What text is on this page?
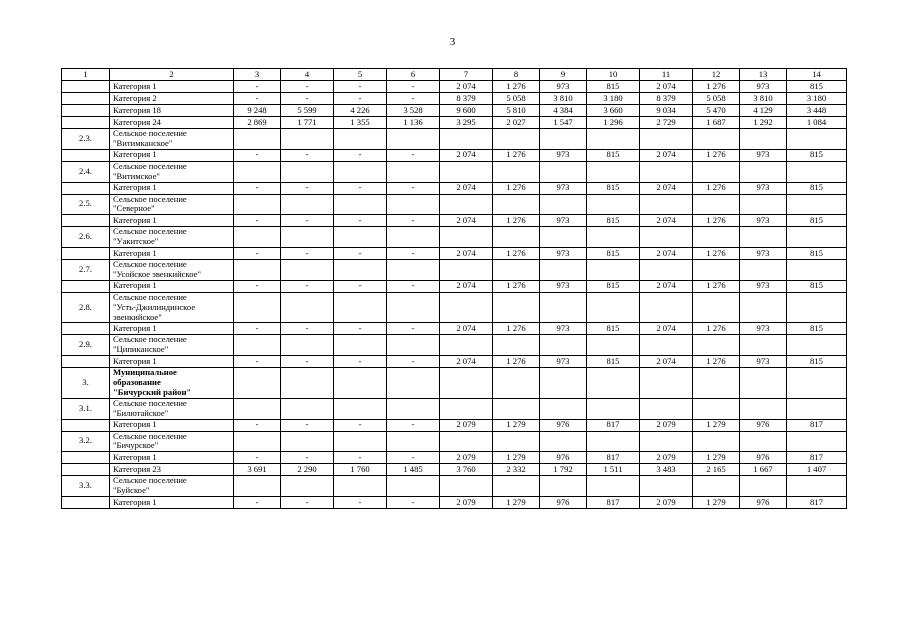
3
1	2	3	4	5	6	7	8	9	10	11	12	13	14
	Категория 1	-	-	-	-	2 074	1 276	973	815	2 074	1 276	973	815
	Категория 2	-	-	-	-	8 379	5 058	3 810	3 180	8 379	5 058	3 810	3 180
	Категория 18	9 248	5 599	4 226	3 528	9 600	5 810	4 384	3 660	9 034	5 470	4 129	3 448
	Категория 24	2 869	1 771	1 355	1 136	3 295	2 027	1 547	1 296	2 729	1 687	1 292	1 084
2.3.	Сельское поселение
"Витимканское"												
	Категория 1	-	-	-	-	2 074	1 276	973	815	2 074	1 276	973	815
2.4.	Сельское поселение
"Витимское"												
	Категория 1	-	-	-	-	2 074	1 276	973	815	2 074	1 276	973	815
2.5.	Сельское поселение
"Северное"												
	Категория 1	-	-	-	-	2 074	1 276	973	815	2 074	1 276	973	815
2.6.	Сельское поселение
"Уакитское"												
	Категория 1	-	-	-	-	2 074	1 276	973	815	2 074	1 276	973	815
2.7.	Сельское поселение
"Усойское эвенкийское"												
	Категория 1	-	-	-	-	2 074	1 276	973	815	2 074	1 276	973	815
2.8.	Сельское поселение
"Усть-Джилиндинское
эвенкийское"												
	Категория 1	-	-	-	-	2 074	1 276	973	815	2 074	1 276	973	815
2.9.	Сельское поселение
"Ципиканское"												
	Категория 1	-	-	-	-	2 074	1 276	973	815	2 074	1 276	973	815
3.	Муниципальное
образование
"Бичурский район"												
3.1.	Сельское поселение
"Билютайское"												
	Категория 1	-	-	-	-	2 079	1 279	976	817	2 079	1 279	976	817
3.2.	Сельское поселение
"Бичурское"												
	Категория 1	-	-	-	-	2 079	1 279	976	817	2 079	1 279	976	817
	Категория 23	3 691	2 290	1 760	1 485	3 760	2 332	1 792	1 511	3 483	2 165	1 667	1 407
3.3.	Сельское поселение
"Буйское"												
	Категория 1	-	-	-	-	2 079	1 279	976	817	2 079	1 279	976	817
